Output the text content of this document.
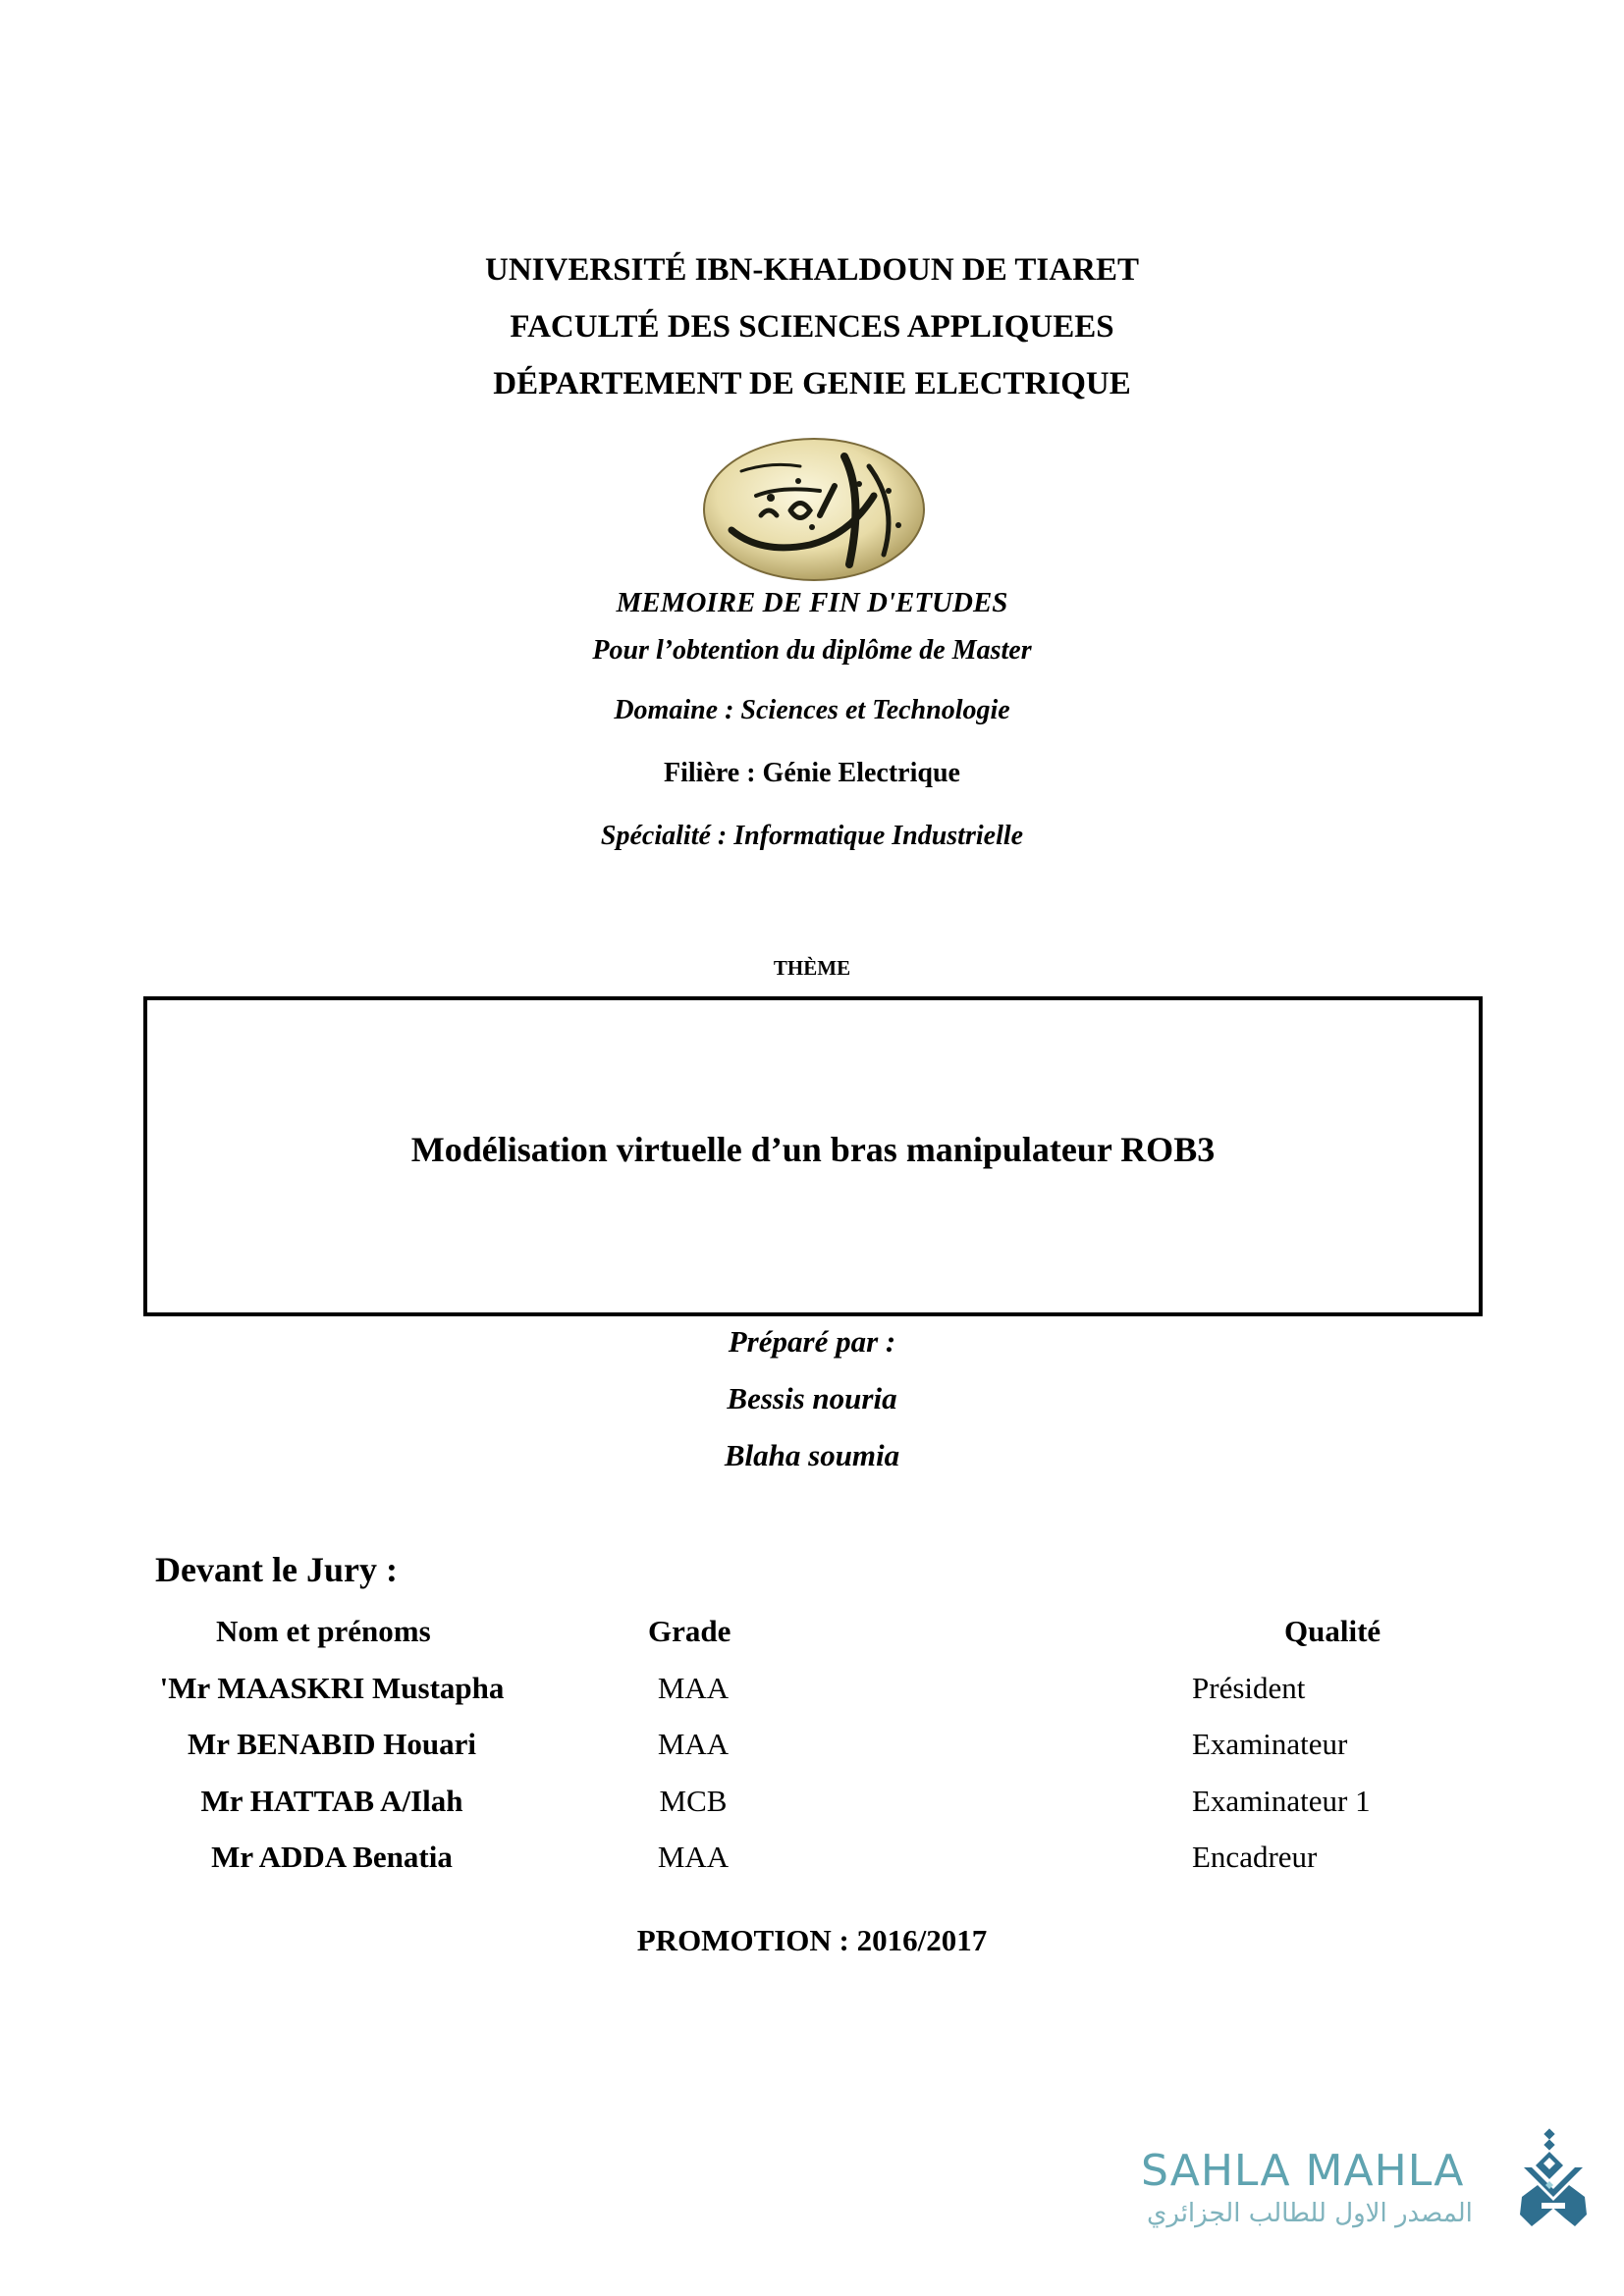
UNIVERSITÉ IBN-KHALDOUN DE TIARET
FACULTÉ DES SCIENCES APPLIQUEES
DÉPARTEMENT DE GENIE ELECTRIQUE
MEMOIRE DE FIN D'ETUDES
Pour l’obtention du diplôme de Master
Domaine : Sciences et Technologie
Filière : Génie Electrique
Spécialité : Informatique Industrielle
THÈME
Modélisation virtuelle d’un bras manipulateur ROB3
Préparé par :
Bessis nouria
Blaha soumia
Devant le Jury :
Nom et prénoms	Grade	Qualité
'Mr MAASKRI Mustapha	MAA	Président
Mr BENABID Houari	MAA	Examinateur
Mr HATTAB A/Ilah	MCB	Examinateur 1
Mr ADDA Benatia	MAA	Encadreur
PROMOTION : 2016/2017
SAHLA MAHLA
المصدر الاول للطالب الجزائري
